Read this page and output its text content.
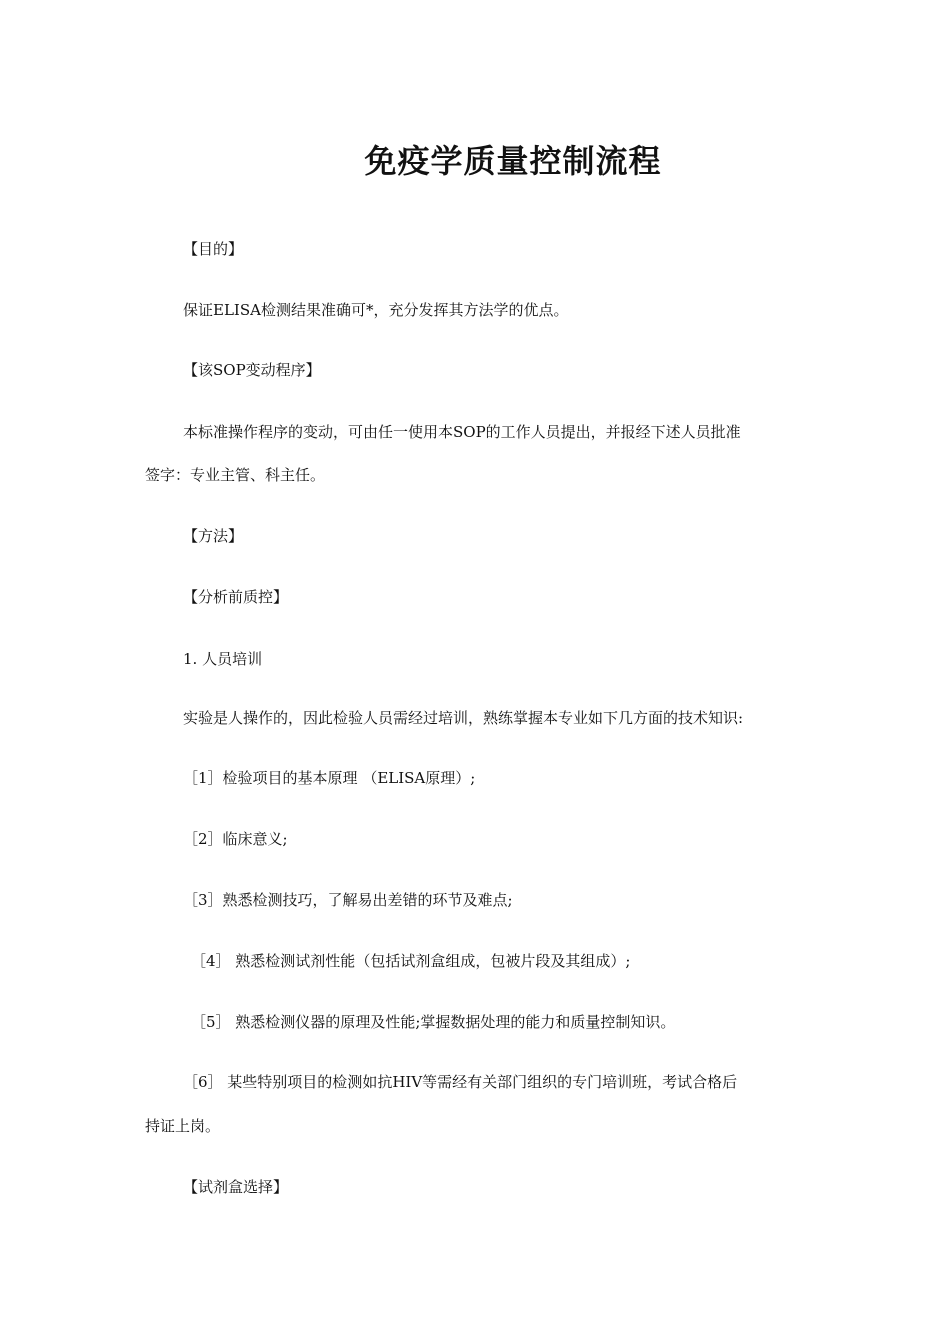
免疫学质量控制流程

【目的】

保证ELISA检测结果准确可*，充分发挥其方法学的优点。

【该SOP变动程序】

本标准操作程序的变动，可由任一使用本SOP的工作人员提出，并报经下述人员批准

签字：专业主管、科主任。

【方法】

【分析前质控】

1. 人员培训

实验是人操作的，因此检验人员需经过培训，熟练掌握本专业如下几方面的技术知识:

［1］检验项目的基本原理 （ELISA原理）;

［2］临床意义;

［3］熟悉检测技巧，了解易出差错的环节及难点;

［4］ 熟悉检测试剂性能（包括试剂盒组成，包被片段及其组成）;

［5］ 熟悉检测仪器的原理及性能;掌握数据处理的能力和质量控制知识。

［6］ 某些特别项目的检测如抗HIV等需经有关部门组织的专门培训班，考试合格后

持证上岗。

【试剂盒选择】
